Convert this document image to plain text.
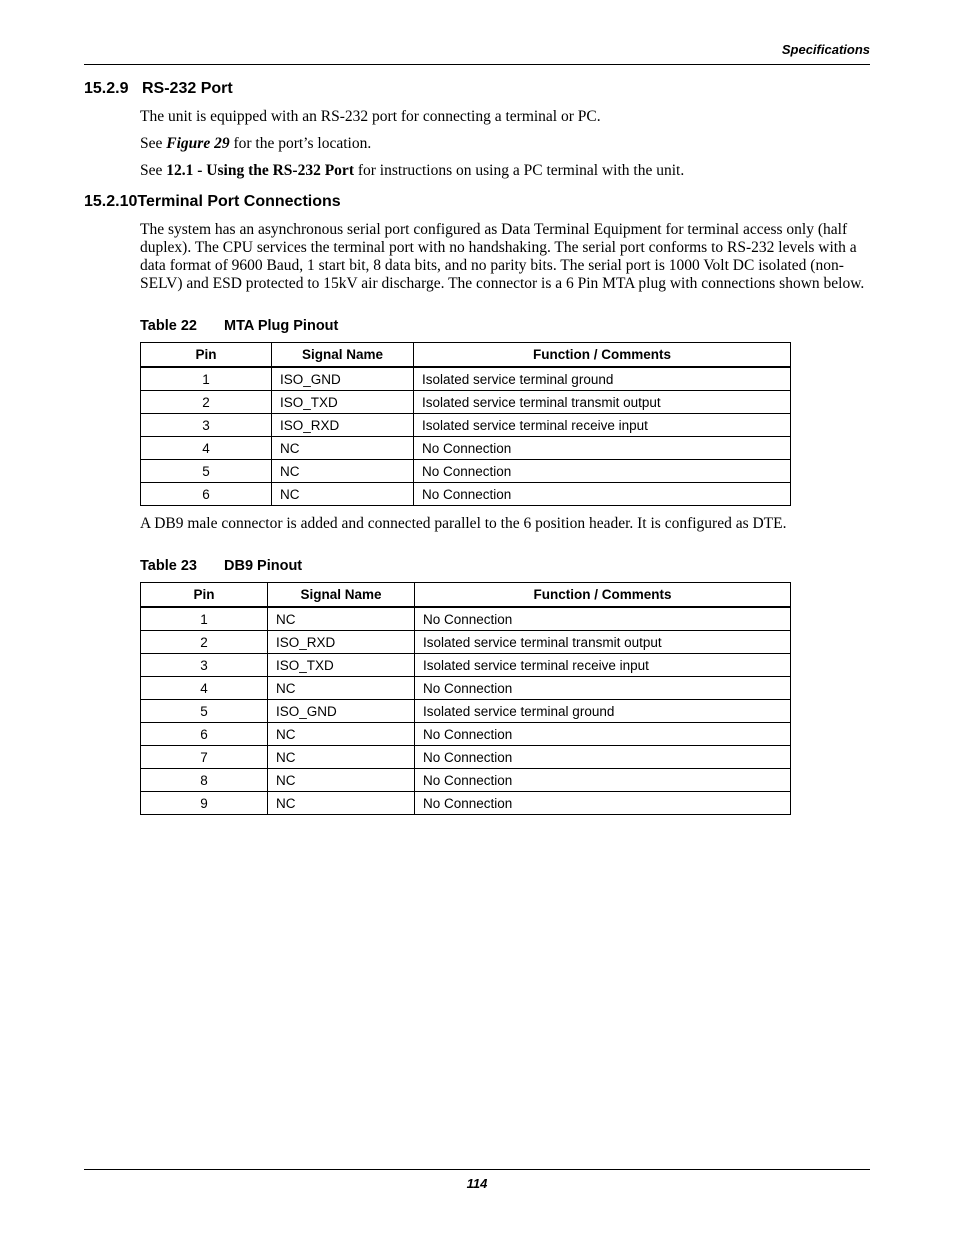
Specifications
15.2.9 RS-232 Port

The unit is equipped with an RS-232 port for connecting a terminal or PC.

See Figure 29 for the port’s location.

See 12.1 - Using the RS-232 Port for instructions on using a PC terminal with the unit.

15.2.10Terminal Port Connections

The system has an asynchronous serial port configured as Data Terminal Equipment for terminal access only (half duplex). The CPU services the terminal port with no handshaking. The serial port conforms to RS-232 levels with a data format of 9600 Baud, 1 start bit, 8 data bits, and no parity bits. The serial port is 1000 Volt DC isolated (non-SELV) and ESD protected to 15kV air discharge. The connector is a 6 Pin MTA plug with connections shown below.

Table 22 MTA Plug Pinout
Pin	Signal Name	Function / Comments
1	ISO_GND	Isolated service terminal ground
2	ISO_TXD	Isolated service terminal transmit output
3	ISO_RXD	Isolated service terminal receive input
4	NC	No Connection
5	NC	No Connection
6	NC	No Connection

A DB9 male connector is added and connected parallel to the 6 position header. It is configured as DTE.

Table 23 DB9 Pinout
Pin	Signal Name	Function / Comments
1	NC	No Connection
2	ISO_RXD	Isolated service terminal transmit output
3	ISO_TXD	Isolated service terminal receive input
4	NC	No Connection
5	ISO_GND	Isolated service terminal ground
6	NC	No Connection
7	NC	No Connection
8	NC	No Connection
9	NC	No Connection
114
